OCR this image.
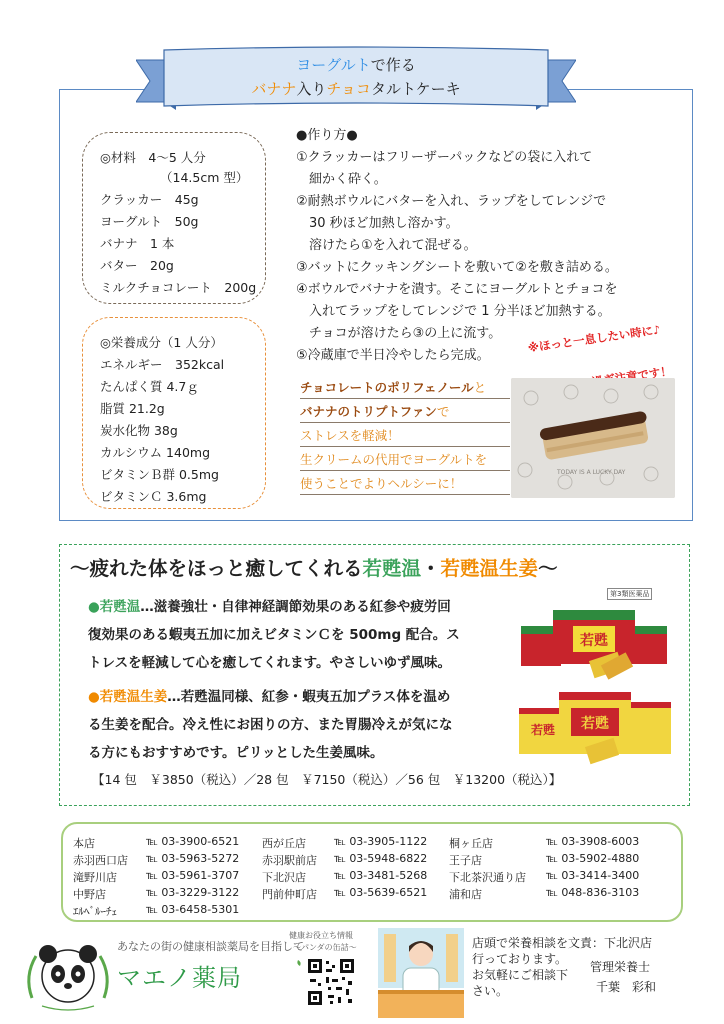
ヨーグルトで作る
バナナ入りチョコタルトケーキ
◎材料　4～5 人分
（14.5cm 型）
クラッカー　45g
ヨーグルト　50g
バナナ　1 本
バター　20g
ミルクチョコレート　200g
◎栄養成分（1 人分）
エネルギー　352kcal
たんぱく質 4.7ｇ
脂質 21.2g
炭水化物 38g
カルシウム 140mg
ビタミンＢ群 0.5mg
ビタミンＣ 3.6mg
●作り方●
①クラッカーはフリーザーパックなどの袋に入れて
　細かく砕く。
②耐熱ボウルにバターを入れ、ラップをしてレンジで
　30 秒ほど加熱し溶かす。
　溶けたら①を入れて混ぜる。
③バットにクッキングシートを敷いて②を敷き詰める。
④ボウルでバナナを潰す。そこにヨーグルトとチョコを
　入れてラップをしてレンジで 1 分半ほど加熱する。
　チョコが溶けたら③の上に流す。
⑤冷蔵庫で半日冷やしたら完成。
※ほっと一息したい時に♪
チョコレートのポリフェノールと
バナナのトリプトファンで
ストレスを軽減！
生クリームの代用でヨーグルトを
使うことでよりヘルシーに！
TODAY IS A LUCKY DAY
～疲れた体をほっと癒してくれる若甦温・若甦温生姜～
●若甦温…滋養強壮・自律神経調節効果のある紅参や疲労回
復効果のある蝦夷五加に加えビタミンＣを 500mg 配合。ス
トレスを軽減して心を癒してくれます。やさしいゆず風味。
●若甦温生姜…若甦温同様、紅参・蝦夷五加プラス体を温め
る生姜を配合。冷え性にお困りの方、また胃腸冷えが気にな
る方にもおすすめです。ピリッとした生姜風味。
【14 包　￥3850（税込）／28 包　￥7150（税込）／56 包　￥13200（税込）】
第3類医薬品
若甦
若甦
若甦
本店	℡ 03-3900-6521
赤羽西口店 ℡ 03-5963-5272
滝野川店	℡ 03-5961-3707
中野店	℡ 03-3229-3122
ｴﾙﾍﾞﾙｰﾁｪ	℡ 03-6458-5301
西が丘店	℡ 03-3905-1122
赤羽駅前店 ℡ 03-5948-6822
下北沢店	℡ 03-3481-5268
門前仲町店 ℡ 03-5639-6521
桐ヶ丘店	℡ 03-3908-6003
王子店	℡ 03-5902-4880
下北茶沢通り店 ℡ 03-3414-3400
浦和店	℡ 048-836-3103
あなたの街の健康相談薬局を目指して
マエノ薬局
健康お役立ち情報
～パンダの缶詰～	店頭で栄養相談を文責：下北沢店
行っております。
お気軽にご相談下
さい。
管理栄養士
千葉　彩和
